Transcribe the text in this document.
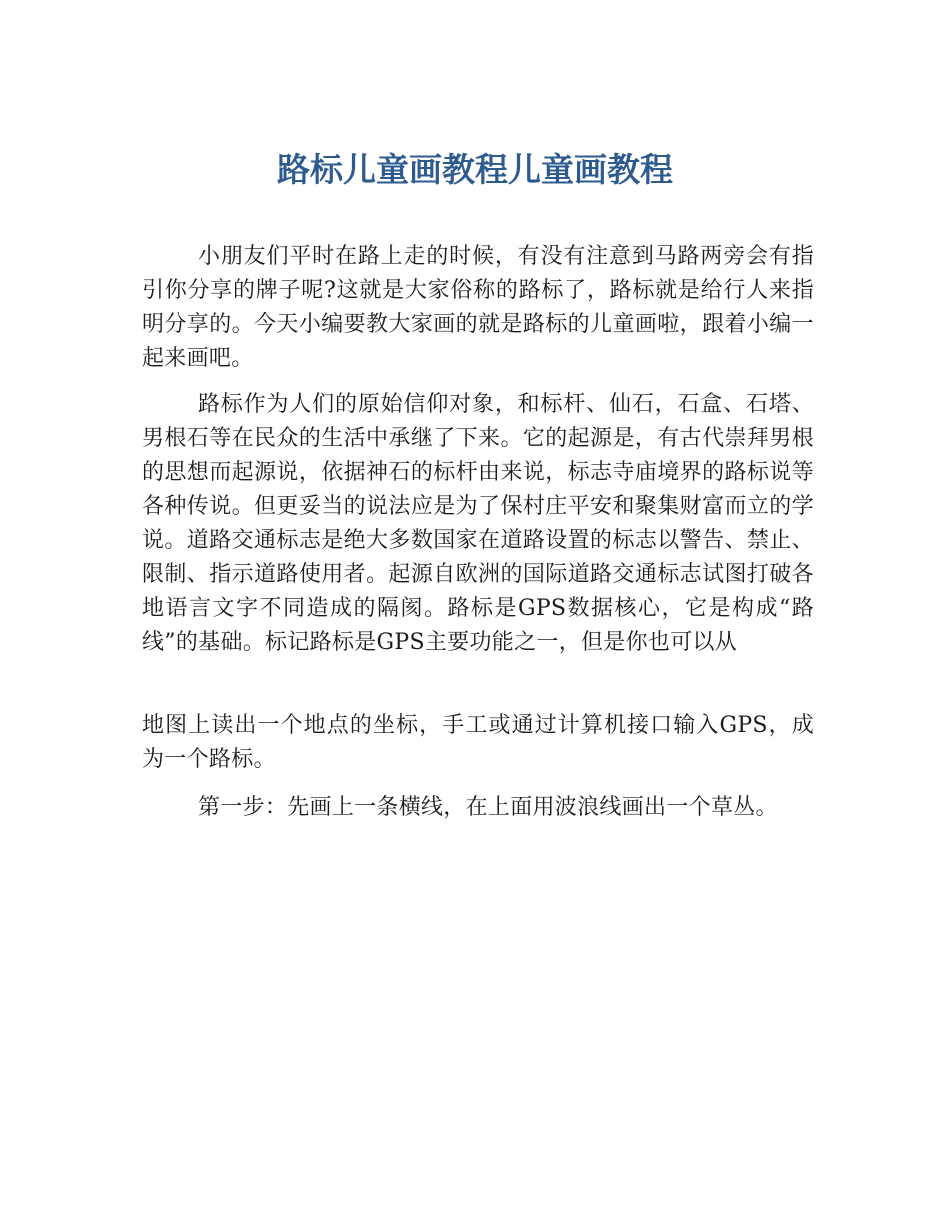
路标儿童画教程儿童画教程

小朋友们平时在路上走的时候，有没有注意到马路两旁会有指引你分享的牌子呢?这就是大家俗称的路标了，路标就是给行人来指明分享的。今天小编要教大家画的就是路标的儿童画啦，跟着小编一起来画吧。

路标作为人们的原始信仰对象，和标杆、仙石，石盒、石塔、男根石等在民众的生活中承继了下来。它的起源是，有古代崇拜男根的思想而起源说，依据神石的标杆由来说，标志寺庙境界的路标说等各种传说。但更妥当的说法应是为了保村庄平安和聚集财富而立的学说。道路交通标志是绝大多数国家在道路设置的标志以警告、禁止、限制、指示道路使用者。起源自欧洲的国际道路交通标志试图打破各地语言文字不同造成的隔阂。路标是GPS数据核心，它是构成“路线”的基础。标记路标是GPS主要功能之一，但是你也可以从

地图上读出一个地点的坐标，手工或通过计算机接口输入GPS，成为一个路标。

第一步：先画上一条横线，在上面用波浪线画出一个草丛。
